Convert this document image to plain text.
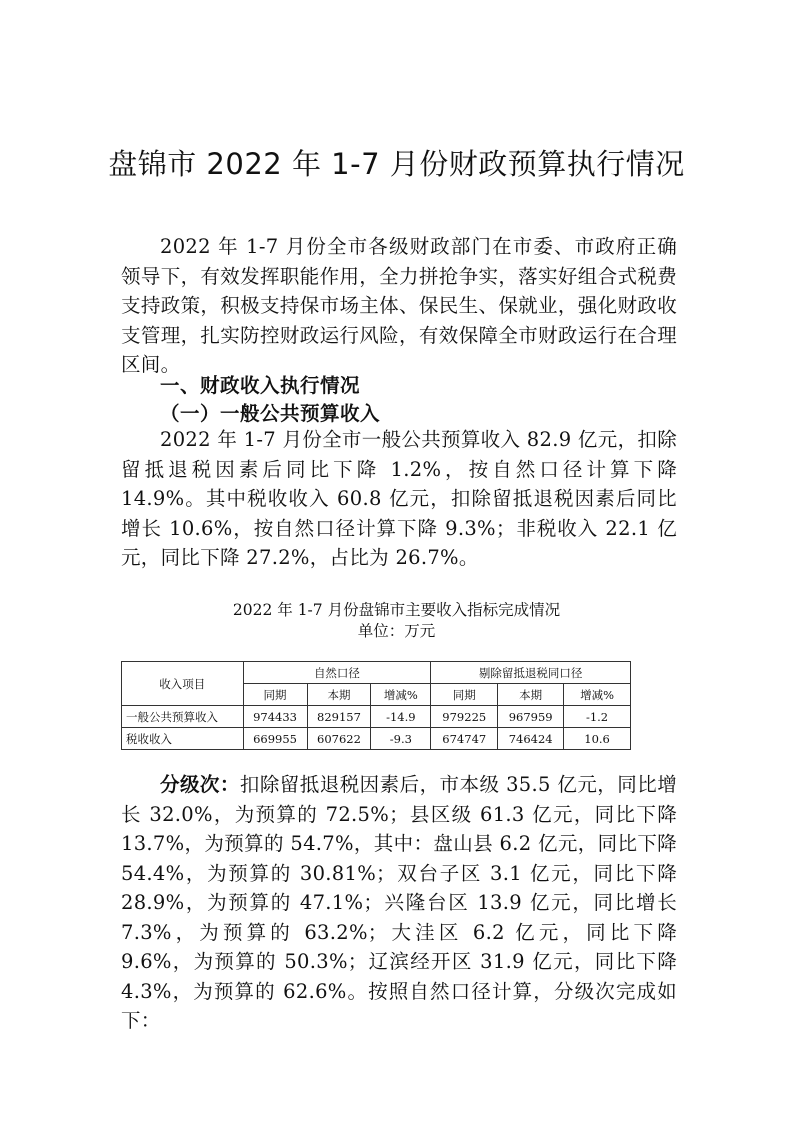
盘锦市 2022 年 1-7 月份财政预算执行情况

2022 年 1-7 月份全市各级财政部门在市委、市政府正确领导下，有效发挥职能作用，全力拼抢争实，落实好组合式税费支持政策，积极支持保市场主体、保民生、保就业，强化财政收支管理，扎实防控财政运行风险，有效保障全市财政运行在合理区间。

一、财政收入执行情况

（一）一般公共预算收入

2022 年 1-7 月份全市一般公共预算收入 82.9 亿元，扣除留抵退税因素后同比下降 1.2%，按自然口径计算下降 14.9%。其中税收收入 60.8 亿元，扣除留抵退税因素后同比增长 10.6%，按自然口径计算下降 9.3%；非税收入 22.1 亿元，同比下降 27.2%，占比为 26.7%。

2022 年 1-7 月份盘锦市主要收入指标完成情况

单位：万元

收入项目	自然口径			剔除留抵退税同口径		
	同期	本期	增减%	同期	本期	增减%
一般公共预算收入	974433	829157	-14.9	979225	967959	-1.2
税收收入	669955	607622	-9.3	674747	746424	10.6

分级次：扣除留抵退税因素后，市本级 35.5 亿元，同比增长 32.0%，为预算的 72.5%；县区级 61.3 亿元，同比下降 13.7%，为预算的 54.7%，其中：盘山县 6.2 亿元，同比下降 54.4%，为预算的 30.81%；双台子区 3.1 亿元，同比下降 28.9%，为预算的 47.1%；兴隆台区 13.9 亿元，同比增长 7.3%，为预算的 63.2%；大洼区 6.2 亿元，同比下降 9.6%，为预算的 50.3%；辽滨经开区 31.9 亿元，同比下降 4.3%，为预算的 62.6%。按照自然口径计算，分级次完成如下：
